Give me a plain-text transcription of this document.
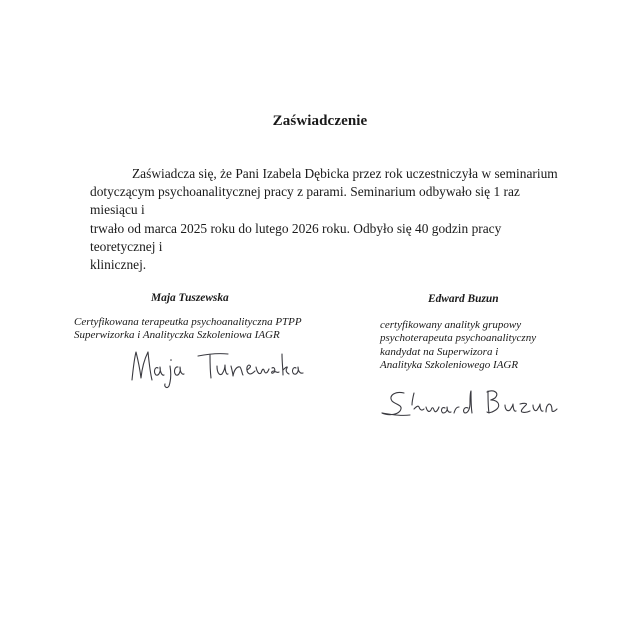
Zaświadczenie
Zaświadcza się, że Pani Izabela Dębicka przez rok uczestniczyła w seminarium
dotyczącym psychoanalitycznej pracy z parami. Seminarium odbywało się 1 raz miesiącu i
trwało od marca 2025 roku do lutego 2026 roku. Odbyło się 40 godzin pracy teoretycznej i
klinicznej.
Maja Tuszewska
Certyfikowana terapeutka psychoanalityczna PTPP
Superwizorka i Analityczka Szkoleniowa IAGR
Edward Buzun
certyfikowany analityk grupowy
psychoterapeuta psychoanalityczny
kandydat na Superwizora i
Analityka Szkoleniowego IAGR
